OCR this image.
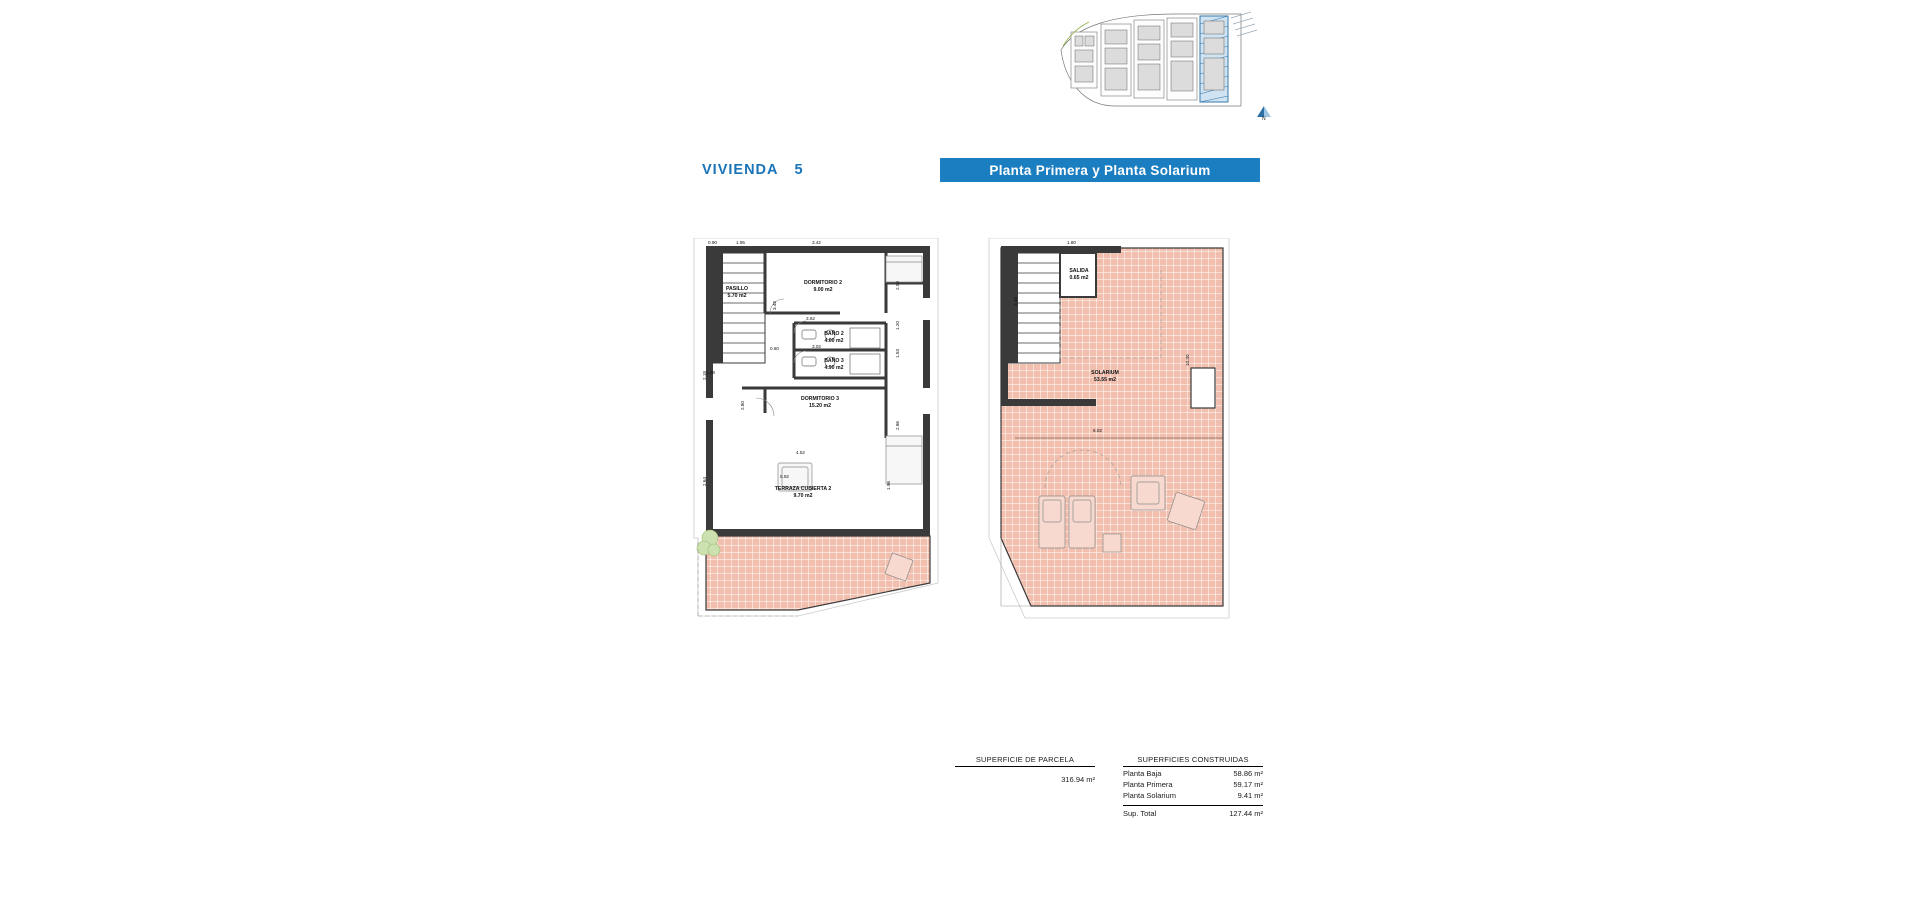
N
VIVIENDA 5	Planta Primera y Planta Solarium
PASILLO
5.70 m2
DORMITORIO 2
9.00 m2
BAÑO 2
4.00 m2
BAÑO 3
4.90 m2
DORMITORIO 3
15.20 m2
TERRAZA CUBIERTA 2
9.70 m2
0.90	1.95	3.42
2.50
3.48
3.62
1.20
0.60	3.02
1.53
1.08
2.18
2.80
4.52
2.86
5.92
2.64	1.96
SALIDA
0.65 m2
SOLARIUM
53.55 m2
1.80
3.46
6.02
10.30
SUPERFICIE DE PARCELA
316.94 m²
SUPERFICIES CONSTRUIDAS
Planta Baja	58.86 m²
Planta Primera	59.17 m²
Planta Solarium	9.41 m²
Sup. Total	127.44 m²
